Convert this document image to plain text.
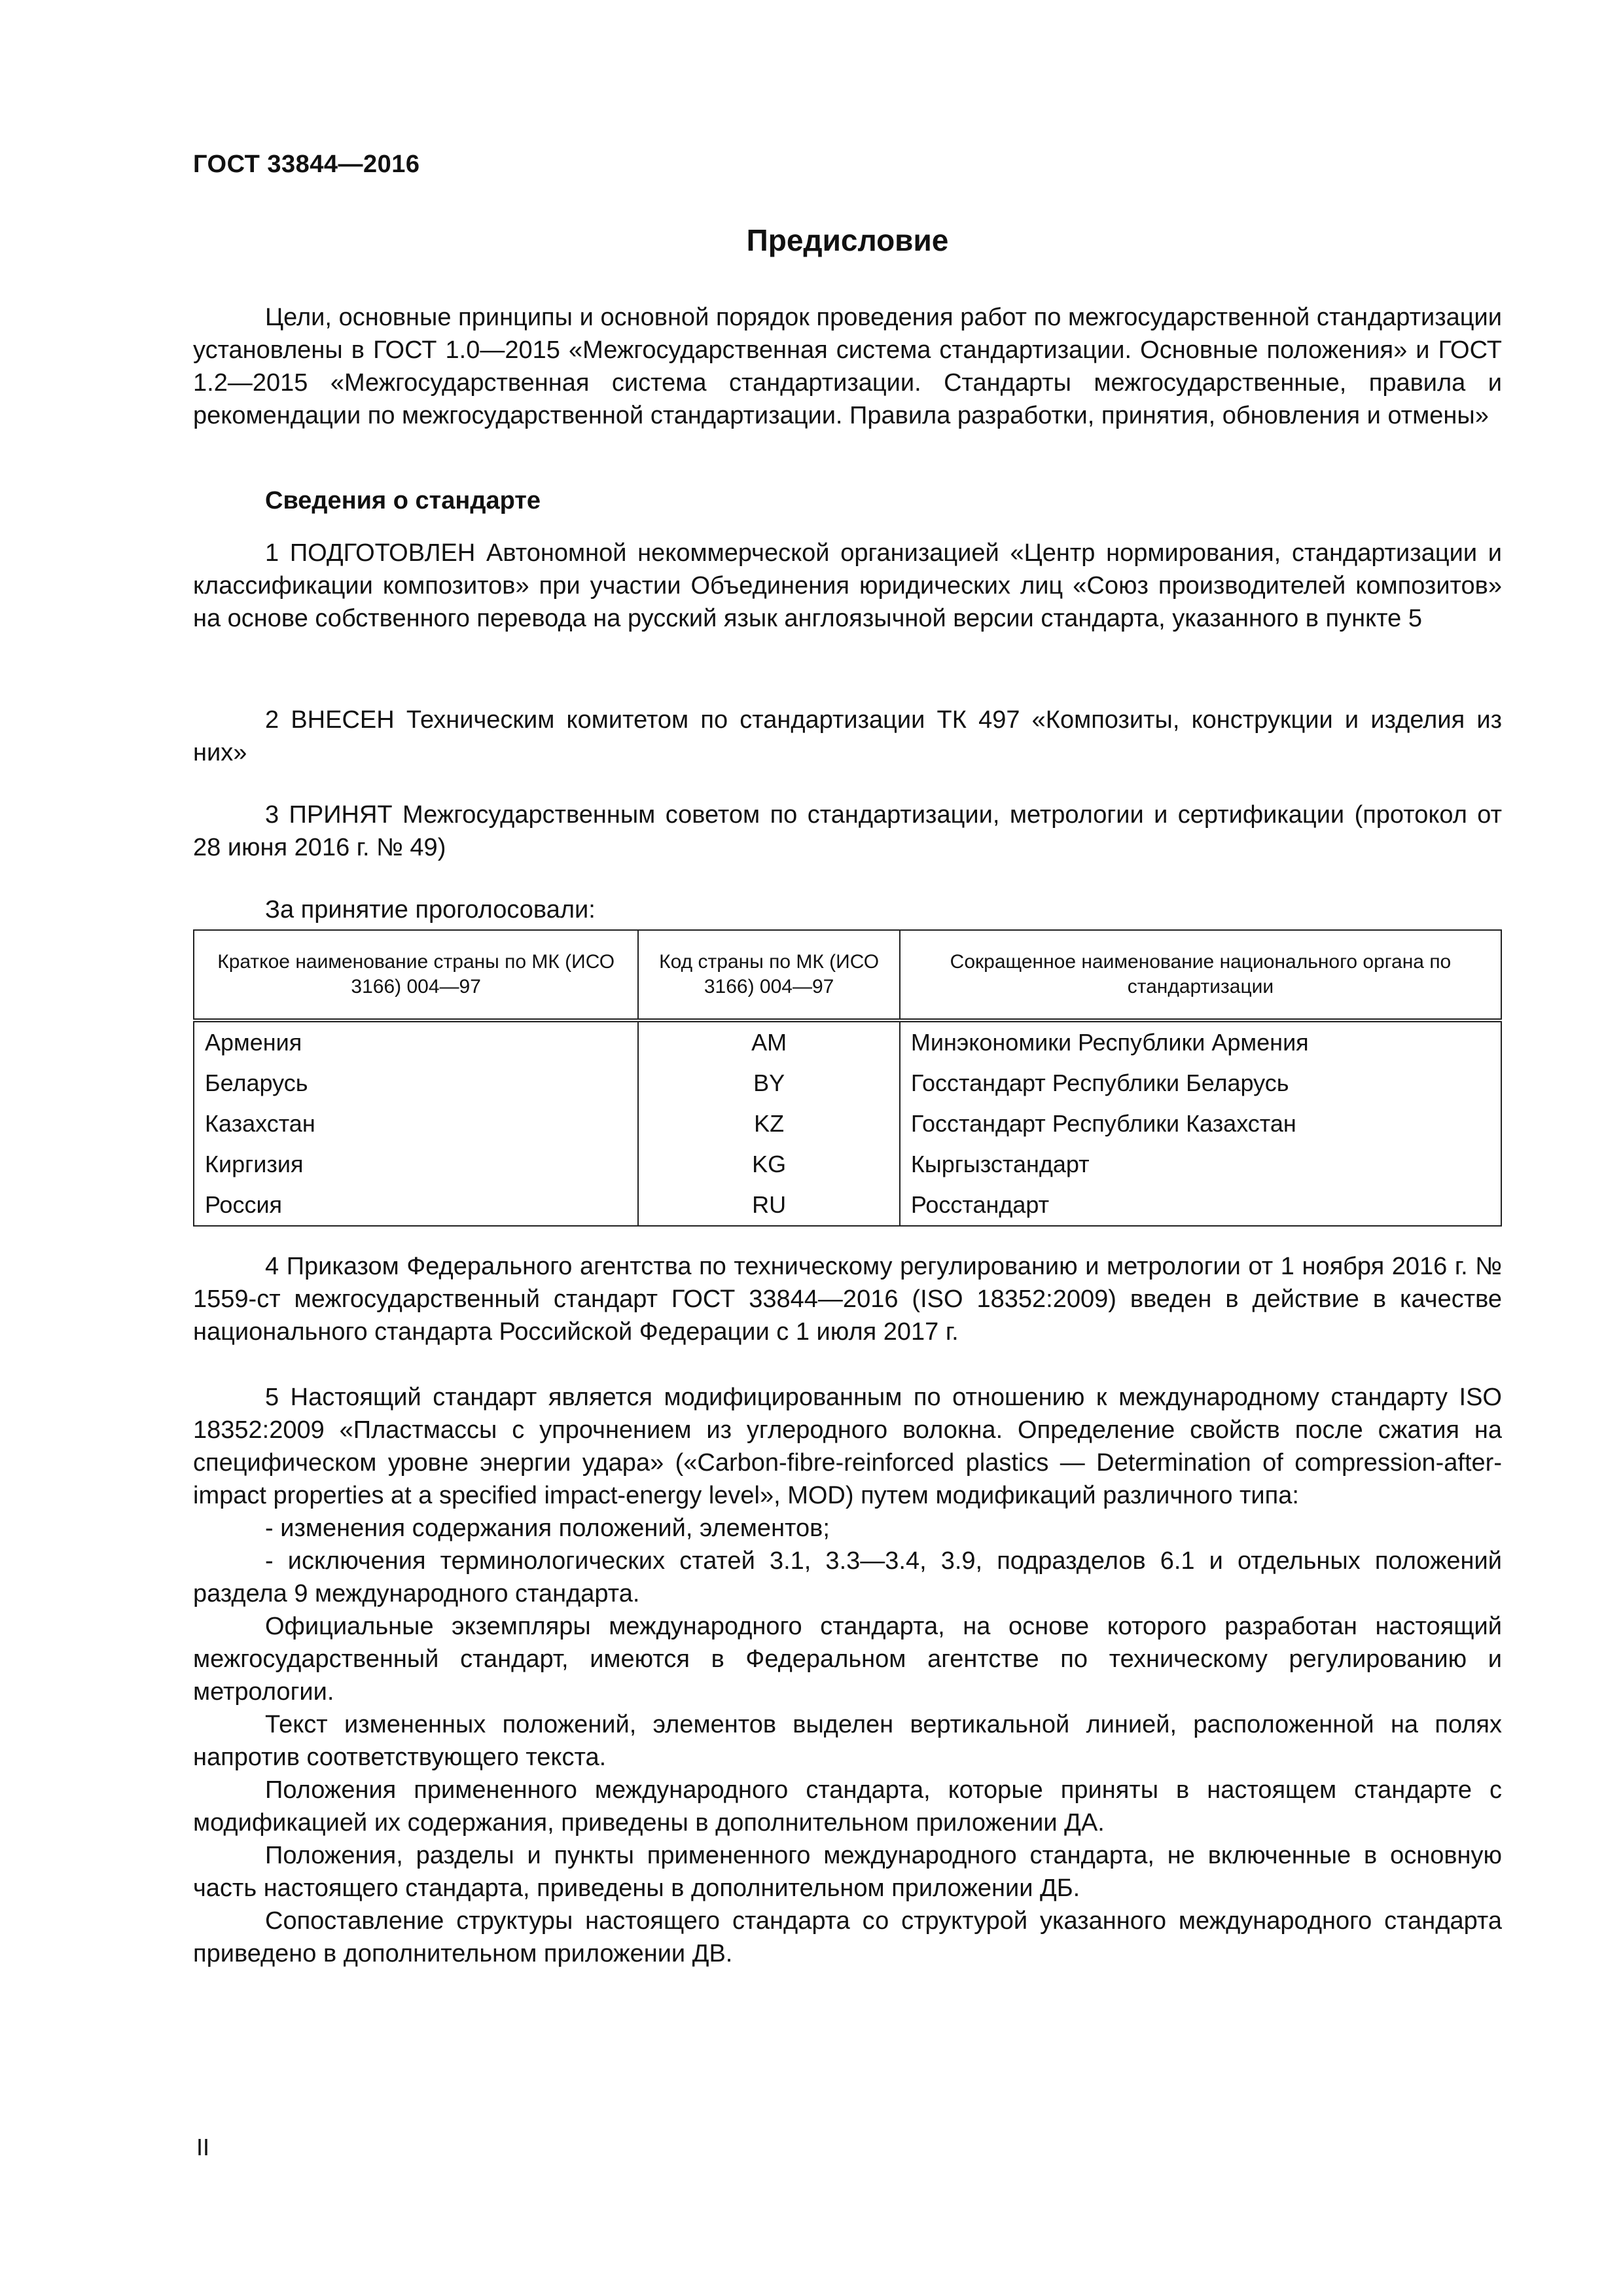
ГОСТ 33844—2016
Предисловие

Цели, основные принципы и основной порядок проведения работ по межгосударственной стандартизации установлены в ГОСТ 1.0—2015 «Межгосударственная система стандартизации. Основные положения» и ГОСТ 1.2—2015 «Межгосударственная система стандартизации. Стандарты межгосударственные, правила и рекомендации по межгосударственной стандартизации. Правила разработки, принятия, обновления и отмены»

Сведения о стандарте

1 ПОДГОТОВЛЕН Автономной некоммерческой организацией «Центр нормирования, стандартизации и классификации композитов» при участии Объединения юридических лиц «Союз производителей композитов» на основе собственного перевода на русский язык англоязычной версии стандарта, указанного в пункте 5

2 ВНЕСЕН Техническим комитетом по стандартизации ТК 497 «Композиты, конструкции и изделия из них»

3 ПРИНЯТ Межгосударственным советом по стандартизации, метрологии и сертификации (протокол от 28 июня 2016 г. № 49)

За принятие проголосовали:

Краткое наименование страны по МК (ИСО 3166) 004—97	Код страны по МК (ИСО 3166) 004—97	Сокращенное наименование национального органа по стандартизации
Армения	AM	Минэкономики Республики Армения
Беларусь	BY	Госстандарт Республики Беларусь
Казахстан	KZ	Госстандарт Республики Казахстан
Киргизия	KG	Кыргызстандарт
Россия	RU	Росстандарт

4 Приказом Федерального агентства по техническому регулированию и метрологии от 1 ноября 2016 г. № 1559-ст межгосударственный стандарт ГОСТ 33844—2016 (ISO 18352:2009) введен в действие в качестве национального стандарта Российской Федерации с 1 июля 2017 г.

5 Настоящий стандарт является модифицированным по отношению к международному стандарту ISO 18352:2009 «Пластмассы с упрочнением из углеродного волокна. Определение свойств после сжатия на специфическом уровне энергии удара» («Carbon-fibre-reinforced plastics — Determination of compression-after-impact properties at a specified impact-energy level», MOD) путем модификаций различного типа:

- изменения содержания положений, элементов;

- исключения терминологических статей 3.1, 3.3—3.4, 3.9, подразделов 6.1 и отдельных положений раздела 9 международного стандарта.

Официальные экземпляры международного стандарта, на основе которого разработан настоящий межгосударственный стандарт, имеются в Федеральном агентстве по техническому регулированию и метрологии.

Текст измененных положений, элементов выделен вертикальной линией, расположенной на полях напротив соответствующего текста.

Положения примененного международного стандарта, которые приняты в настоящем стандарте с модификацией их содержания, приведены в дополнительном приложении ДА.

Положения, разделы и пункты примененного международного стандарта, не включенные в основную часть настоящего стандарта, приведены в дополнительном приложении ДБ.

Сопоставление структуры настоящего стандарта со структурой указанного международного стандарта приведено в дополнительном приложении ДВ.

II
